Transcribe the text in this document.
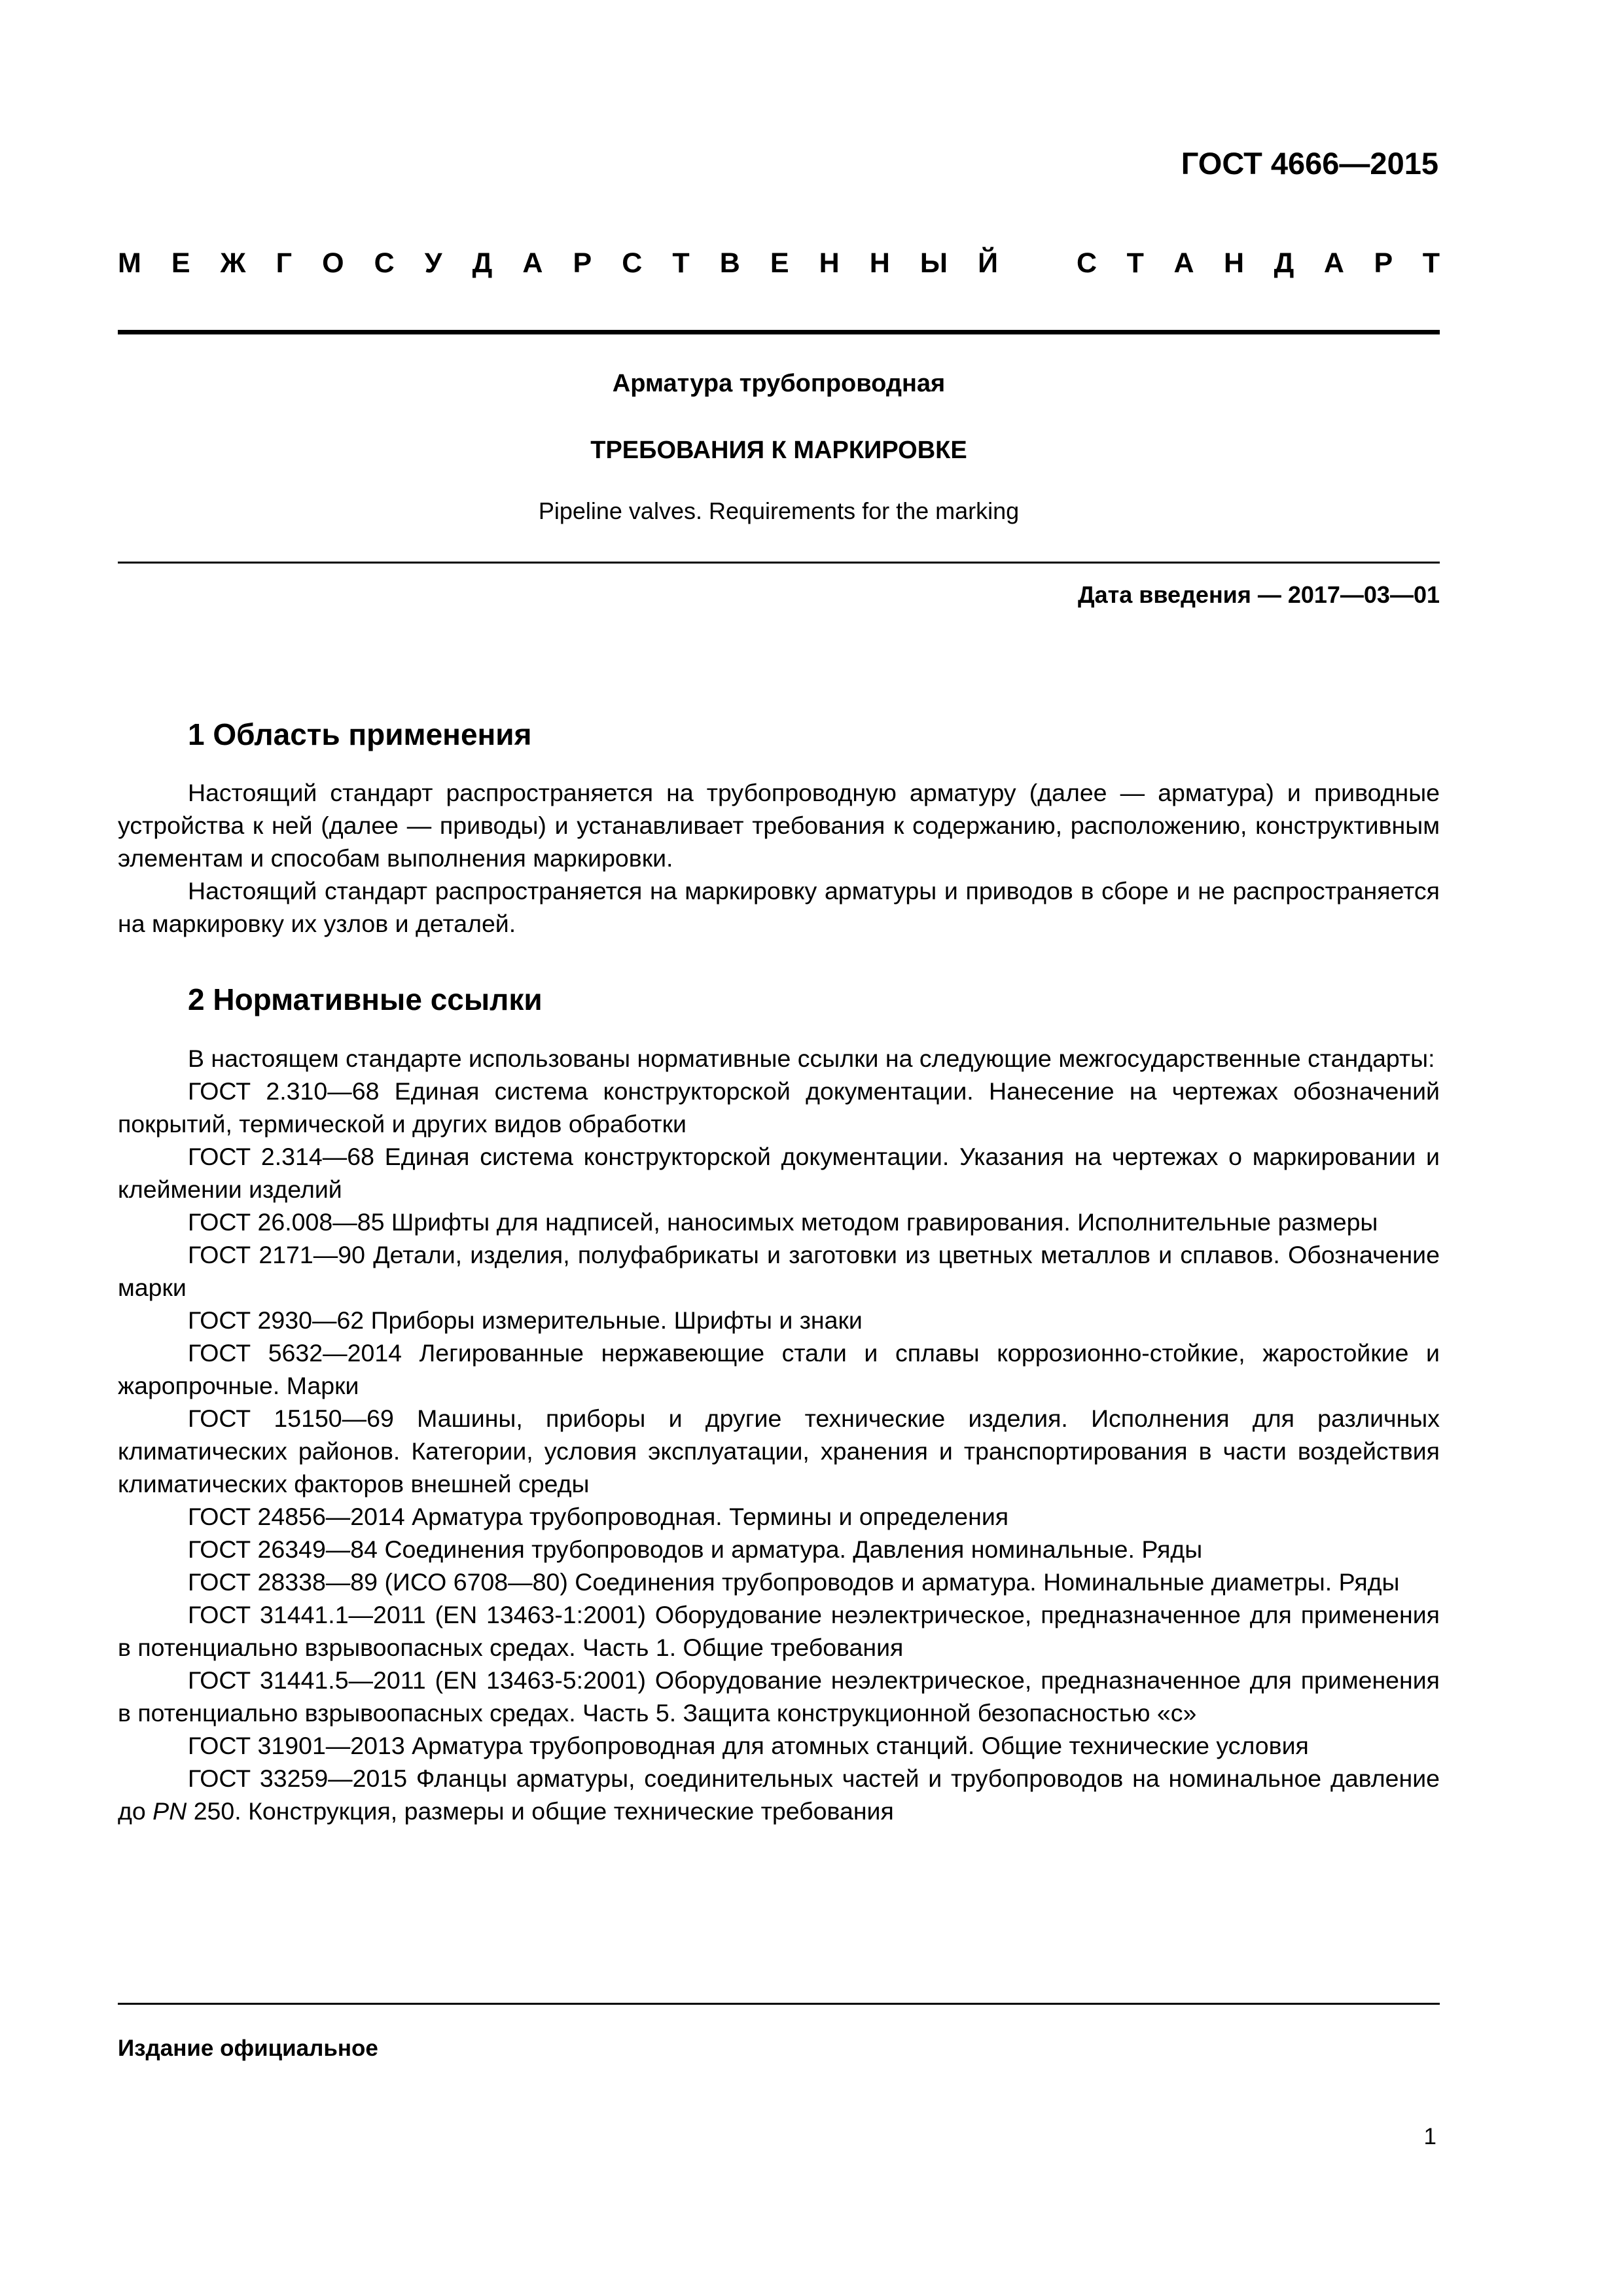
ГОСТ 4666—2015
М Е Ж Г О С У Д А Р С Т В Е Н Н Ы Й	С Т А Н Д А Р Т
Арматура трубопроводная
ТРЕБОВАНИЯ К МАРКИРОВКЕ
Pipeline valves. Requirements for the marking
Дата введения — 2017—03—01
1 Область применения

Настоящий стандарт распространяется на трубопроводную арматуру (далее — арматура) и приводные устройства к ней (далее — приводы) и устанавливает требования к содержанию, расположению, конструктивным элементам и способам выполнения маркировки.

Настоящий стандарт распространяется на маркировку арматуры и приводов в сборе и не распространяется на маркировку их узлов и деталей.

2 Нормативные ссылки

В настоящем стандарте использованы нормативные ссылки на следующие межгосударственные стандарты:

ГОСТ 2.310—68 Единая система конструкторской документации. Нанесение на чертежах обозначений покрытий, термической и других видов обработки

ГОСТ 2.314—68 Единая система конструкторской документации. Указания на чертежах о маркировании и клеймении изделий

ГОСТ 26.008—85 Шрифты для надписей, наносимых методом гравирования. Исполнительные размеры

ГОСТ 2171—90 Детали, изделия, полуфабрикаты и заготовки из цветных металлов и сплавов. Обозначение марки

ГОСТ 2930—62 Приборы измерительные. Шрифты и знаки

ГОСТ 5632—2014 Легированные нержавеющие стали и сплавы коррозионно-стойкие, жаростойкие и жаропрочные. Марки

ГОСТ 15150—69 Машины, приборы и другие технические изделия. Исполнения для различных климатических районов. Категории, условия эксплуатации, хранения и транспортирования в части воздействия климатических факторов внешней среды

ГОСТ 24856—2014 Арматура трубопроводная. Термины и определения

ГОСТ 26349—84 Соединения трубопроводов и арматура. Давления номинальные. Ряды

ГОСТ 28338—89 (ИСО 6708—80) Соединения трубопроводов и арматура. Номинальные диаметры. Ряды

ГОСТ 31441.1—2011 (EN 13463-1:2001) Оборудование неэлектрическое, предназначенное для применения в потенциально взрывоопасных средах. Часть 1. Общие требования

ГОСТ 31441.5—2011 (EN 13463-5:2001) Оборудование неэлектрическое, предназначенное для применения в потенциально взрывоопасных средах. Часть 5. Защита конструкционной безопасностью «с»

ГОСТ 31901—2013 Арматура трубопроводная для атомных станций. Общие технические условия

ГОСТ 33259—2015 Фланцы арматуры, соединительных частей и трубопроводов на номинальное давление до PN 250. Конструкция, размеры и общие технические требования

Издание официальное
1
